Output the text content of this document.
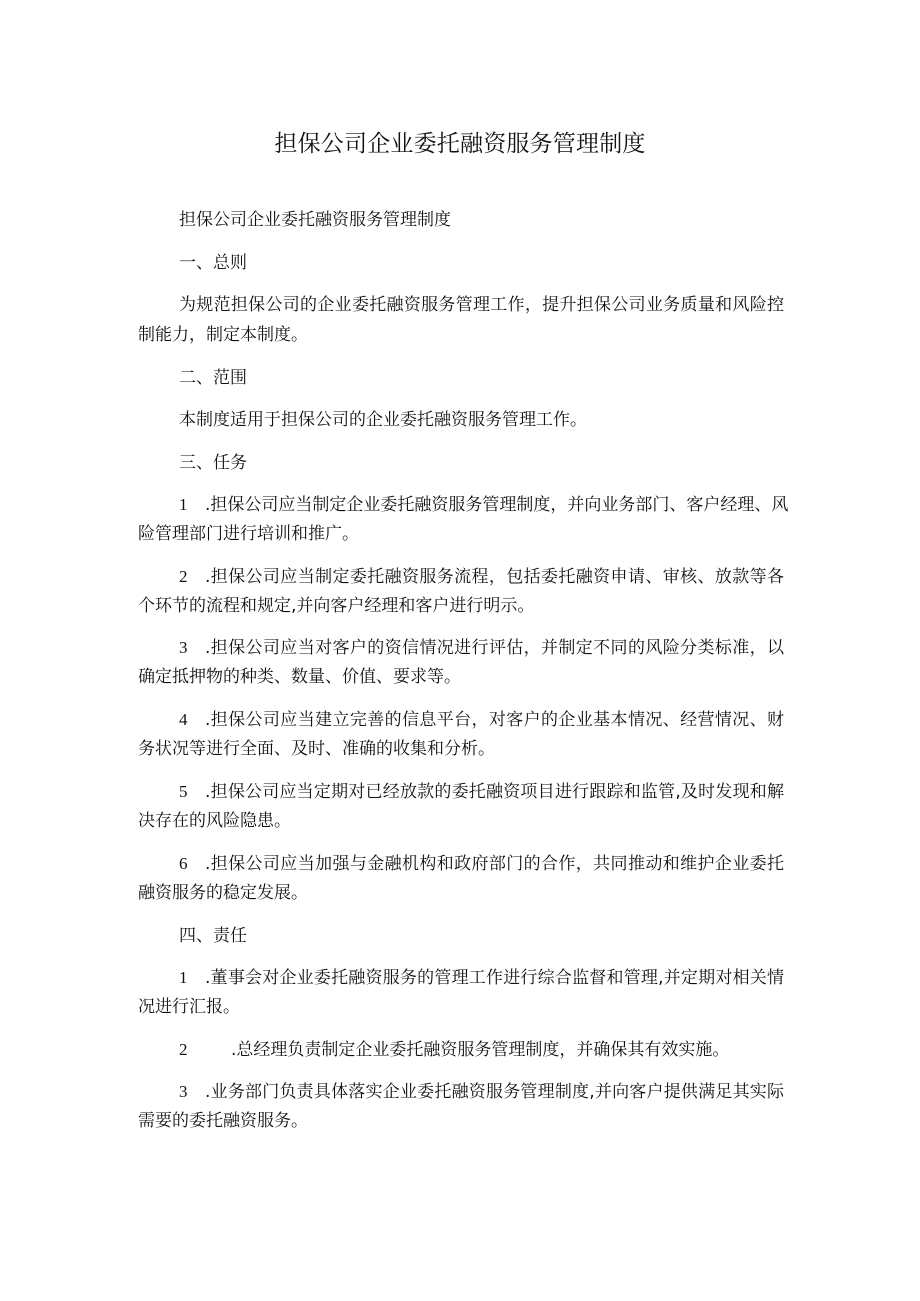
担保公司企业委托融资服务管理制度

担保公司企业委托融资服务管理制度

一、总则

为规范担保公司的企业委托融资服务管理工作，提升担保公司业务质量和风险控

制能力，制定本制度。

二、范围

本制度适用于担保公司的企业委托融资服务管理工作。

三、任务

1 .担保公司应当制定企业委托融资服务管理制度，并向业务部门、客户经理、风

险管理部门进行培训和推广。

2 .担保公司应当制定委托融资服务流程，包括委托融资申请、审核、放款等各

个环节的流程和规定,并向客户经理和客户进行明示。

3 .担保公司应当对客户的资信情况进行评估，并制定不同的风险分类标准，以

确定抵押物的种类、数量、价值、要求等。

4 .担保公司应当建立完善的信息平台，对客户的企业基本情况、经营情况、财

务状况等进行全面、及时、准确的收集和分析。

5 .担保公司应当定期对已经放款的委托融资项目进行跟踪和监管,及时发现和解

决存在的风险隐患。

6 .担保公司应当加强与金融机构和政府部门的合作，共同推动和维护企业委托

融资服务的稳定发展。

四、责任

1 .董事会对企业委托融资服务的管理工作进行综合监督和管理,并定期对相关情

况进行汇报。

2	.总经理负责制定企业委托融资服务管理制度，并确保其有效实施。

3 .业务部门负责具体落实企业委托融资服务管理制度,并向客户提供满足其实际

需要的委托融资服务。
